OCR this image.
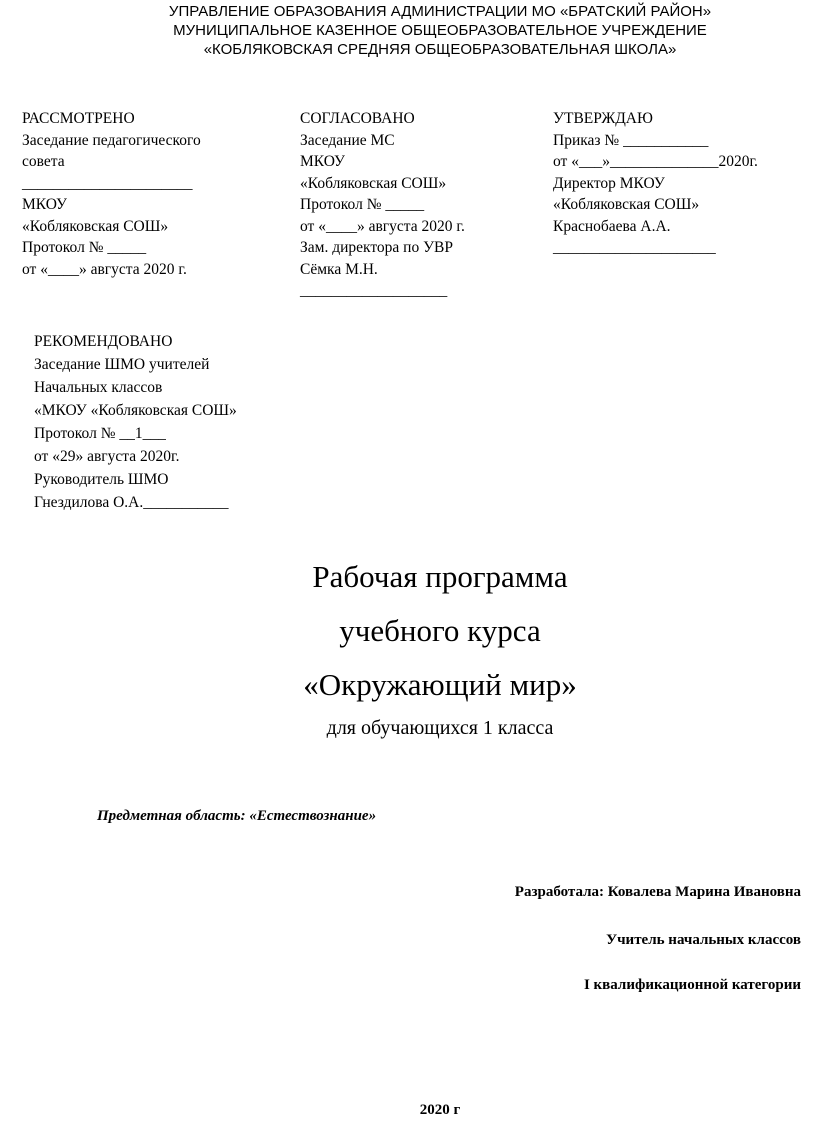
УПРАВЛЕНИЕ ОБРАЗОВАНИЯ АДМИНИСТРАЦИИ МО «БРАТСКИЙ РАЙОН»
МУНИЦИПАЛЬНОЕ КАЗЕННОЕ ОБЩЕОБРАЗОВАТЕЛЬНОЕ УЧРЕЖДЕНИЕ
«КОБЛЯКОВСКАЯ СРЕДНЯЯ ОБЩЕОБРАЗОВАТЕЛЬНАЯ ШКОЛА»
РАССМОТРЕНО
Заседание педагогического
совета
______________________
МКОУ
«Кобляковская СОШ»
Протокол № _____
от «____» августа 2020 г.
СОГЛАСОВАНО
Заседание МС
МКОУ
«Кобляковская СОШ»
Протокол № _____
от «____» августа 2020 г.
Зам. директора по УВР
Сёмка М.Н.
___________________
УТВЕРЖДАЮ
Приказ № ___________
от «___»______________2020г.
Директор МКОУ
«Кобляковская СОШ»
Краснобаева А.А.
_____________________
РЕКОМЕНДОВАНО
Заседание ШМО учителей
Начальных классов
«МКОУ «Кобляковская СОШ»
Протокол № __1___
от «29» августа 2020г.
Руководитель ШМО
Гнездилова О.А.___________
Рабочая программа
учебного курса
«Окружающий мир»
для обучающихся 1 класса
Предметная область: «Естествознание»
Разработала: Ковалева Марина Ивановна
Учитель начальных классов
I квалификационной категории
2020 г
